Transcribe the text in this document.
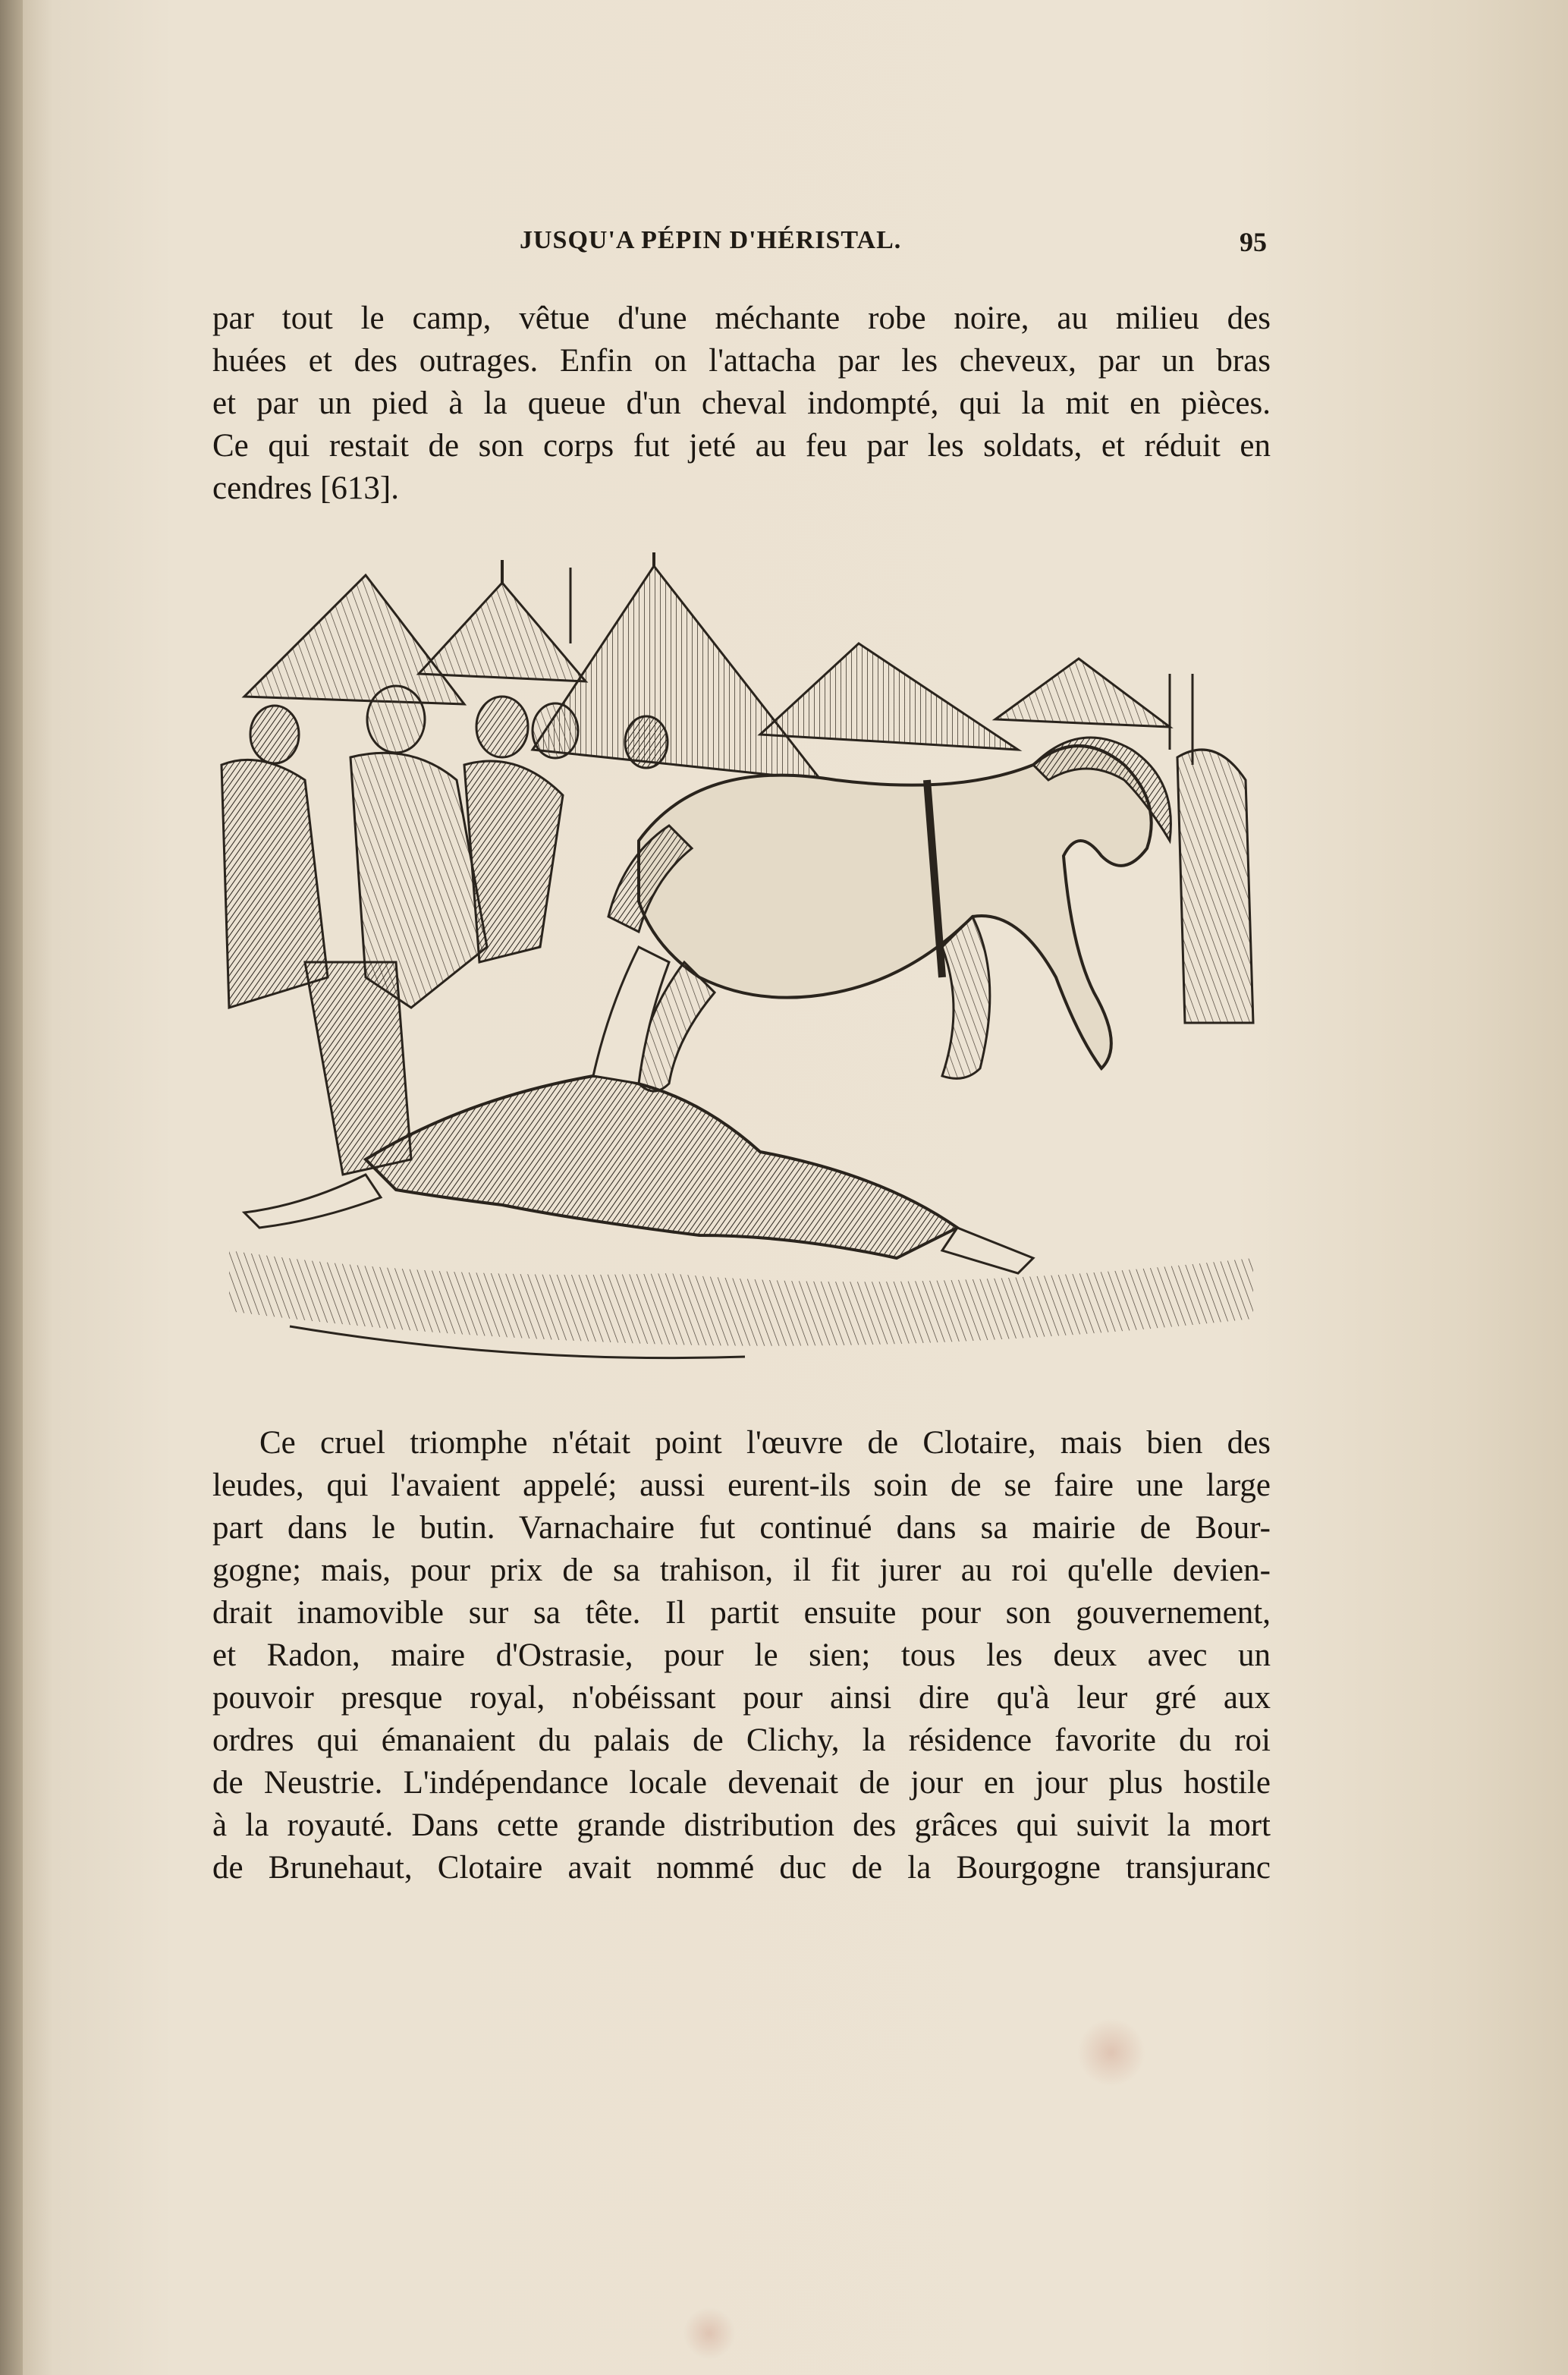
JUSQU'A PÉPIN D'HÉRISTAL.	95
par tout le camp, vêtue d'une méchante robe noire, au milieu des
huées et des outrages. Enfin on l'attacha par les cheveux, par un bras
et par un pied à la queue d'un cheval indompté, qui la mit en pièces.
Ce qui restait de son corps fut jeté au feu par les soldats, et réduit en
cendres [613].
Ce cruel triomphe n'était point l'œuvre de Clotaire, mais bien des
leudes, qui l'avaient appelé; aussi eurent-ils soin de se faire une large
part dans le butin. Varnachaire fut continué dans sa mairie de Bour-
gogne; mais, pour prix de sa trahison, il fit jurer au roi qu'elle devien-
drait inamovible sur sa tête. Il partit ensuite pour son gouvernement,
et Radon, maire d'Ostrasie, pour le sien; tous les deux avec un
pouvoir presque royal, n'obéissant pour ainsi dire qu'à leur gré aux
ordres qui émanaient du palais de Clichy, la résidence favorite du roi
de Neustrie. L'indépendance locale devenait de jour en jour plus hostile
à la royauté. Dans cette grande distribution des grâces qui suivit la mort
de Brunehaut, Clotaire avait nommé duc de la Bourgogne transjuranc
